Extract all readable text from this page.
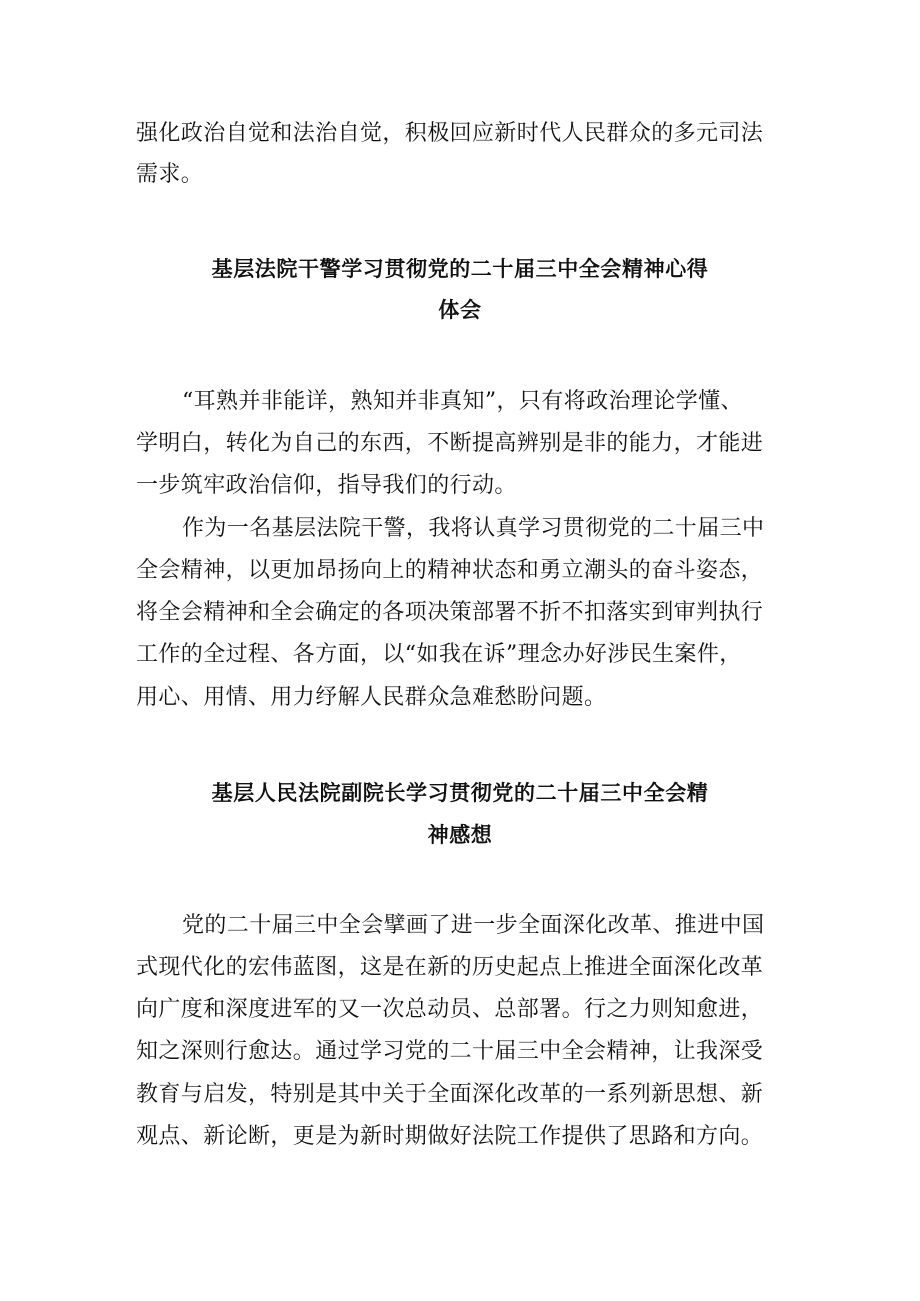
强化政治自觉和法治自觉，积极回应新时代人民群众的多元司法
需求。
基层法院干警学习贯彻党的二十届三中全会精神心得
体会
“耳熟并非能详，熟知并非真知”，只有将政治理论学懂、
学明白，转化为自己的东西，不断提高辨别是非的能力，才能进
一步筑牢政治信仰，指导我们的行动。
作为一名基层法院干警，我将认真学习贯彻党的二十届三中
全会精神，以更加昂扬向上的精神状态和勇立潮头的奋斗姿态，
将全会精神和全会确定的各项决策部署不折不扣落实到审判执行
工作的全过程、各方面，以“如我在诉”理念办好涉民生案件，
用心、用情、用力纾解人民群众急难愁盼问题。
基层人民法院副院长学习贯彻党的二十届三中全会精
神感想
党的二十届三中全会擘画了进一步全面深化改革、推进中国
式现代化的宏伟蓝图，这是在新的历史起点上推进全面深化改革
向广度和深度进军的又一次总动员、总部署。行之力则知愈进，
知之深则行愈达。通过学习党的二十届三中全会精神，让我深受
教育与启发，特别是其中关于全面深化改革的一系列新思想、新
观点、新论断，更是为新时期做好法院工作提供了思路和方向。
